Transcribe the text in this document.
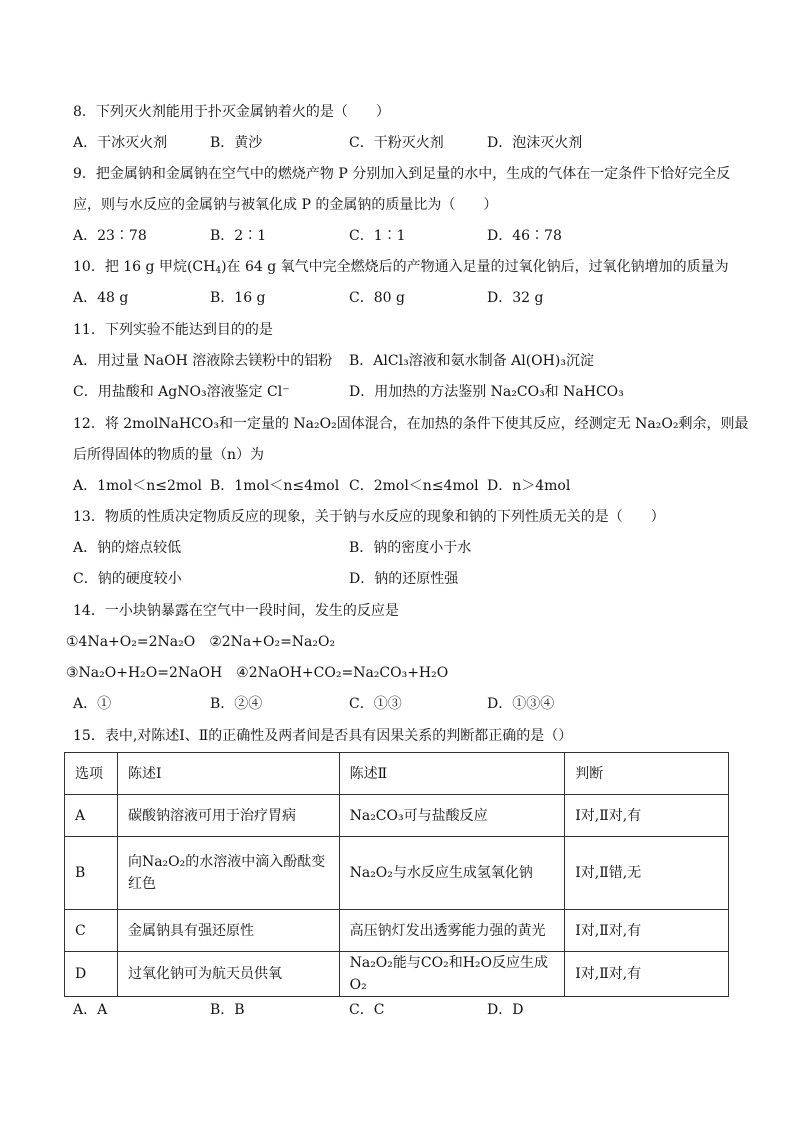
8．下列灭火剂能用于扑灭金属钠着火的是（　　）
A．干冰灭火剂	B．黄沙	C．干粉灭火剂	D．泡沫灭火剂
9．把金属钠和金属钠在空气中的燃烧产物 P 分别加入到足量的水中，生成的气体在一定条件下恰好完全反
应，则与水反应的金属钠与被氧化成 P 的金属钠的质量比为（　　）
A．23∶78	B．2∶1	C．1∶1	D．46∶78
10．把 16 g 甲烷$(CH_4)$在 64 g 氧气中完全燃烧后的产物通入足量的过氧化钠后，过氧化钠增加的质量为
A．48 g	B．16 g	C．80 g	D．32 g
11．下列实验不能达到目的的是
A．用过量 NaOH 溶液除去镁粉中的铝粉 B．AlCl₃溶液和氨水制备 Al(OH)₃沉淀
C．用盐酸和 AgNO₃溶液鉴定 Cl⁻	D．用加热的方法鉴别 Na₂CO₃和 NaHCO₃
12．将 2molNaHCO₃和一定量的 Na₂O₂固体混合，在加热的条件下使其反应，经测定无 Na₂O₂剩余，则最
后所得固体的物质的量（n）为
A．1mol＜n≤2mol B．1mol＜n≤4mol C．2mol＜n≤4mol D．n＞4mol
13．物质的性质决定物质反应的现象，关于钠与水反应的现象和钠的下列性质无关的是（　　）
A．钠的熔点较低	B．钠的密度小于水
C．钠的硬度较小	D．钠的还原性强
14．一小块钠暴露在空气中一段时间，发生的反应是
①4Na+O₂=2Na₂O　②2Na+O₂=Na₂O₂
③Na₂O+H₂O=2NaOH　④2NaOH+CO₂=Na₂CO₃+H₂O
A．①	B．②④	C．①③	D．①③④
15．表中,对陈述Ⅰ、Ⅱ的正确性及两者间是否具有因果关系的判断都正确的是（）
选项	陈述Ⅰ	陈述Ⅱ	判断
A	碳酸钠溶液可用于治疗胃病	Na₂CO₃可与盐酸反应	Ⅰ对,Ⅱ对,有
B	向Na₂O₂的水溶液中滴入酚酞变红色	Na₂O₂与水反应生成氢氧化钠	Ⅰ对,Ⅱ错,无
C	金属钠具有强还原性	高压钠灯发出透雾能力强的黄光	Ⅰ对,Ⅱ对,有
D	过氧化钠可为航天员供氧	Na₂O₂能与CO₂和H₂O反应生成O₂	Ⅰ对,Ⅱ对,有
A．A	B．B	C．C	D．D
